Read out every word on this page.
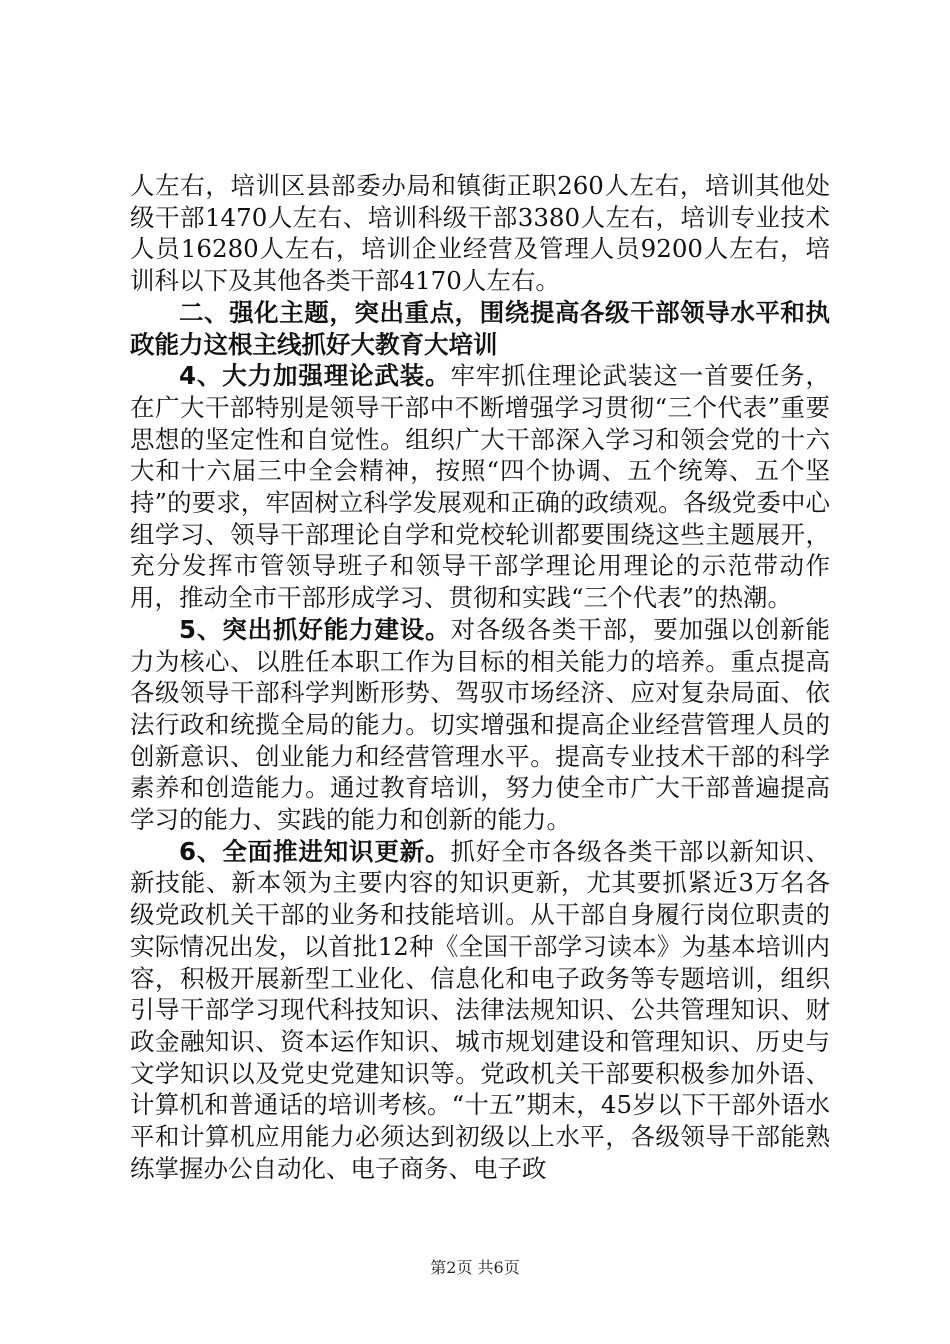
人左右，培训区县部委办局和镇街正职260人左右，培训其他处级干部1470人左右、培训科级干部3380人左右，培训专业技术人员16280人左右，培训企业经营及管理人员9200人左右，培训科以下及其他各类干部4170人左右。

二、强化主题，突出重点，围绕提高各级干部领导水平和执政能力这根主线抓好大教育大培训

4、大力加强理论武装。牢牢抓住理论武装这一首要任务，在广大干部特别是领导干部中不断增强学习贯彻“三个代表”重要思想的坚定性和自觉性。组织广大干部深入学习和领会党的十六大和十六届三中全会精神，按照“四个协调、五个统筹、五个坚持”的要求，牢固树立科学发展观和正确的政绩观。各级党委中心组学习、领导干部理论自学和党校轮训都要围绕这些主题展开，充分发挥市管领导班子和领导干部学理论用理论的示范带动作用，推动全市干部形成学习、贯彻和实践“三个代表”的热潮。

5、突出抓好能力建设。对各级各类干部，要加强以创新能力为核心、以胜任本职工作为目标的相关能力的培养。重点提高各级领导干部科学判断形势、驾驭市场经济、应对复杂局面、依法行政和统揽全局的能力。切实增强和提高企业经营管理人员的创新意识、创业能力和经营管理水平。提高专业技术干部的科学素养和创造能力。通过教育培训，努力使全市广大干部普遍提高学习的能力、实践的能力和创新的能力。

6、全面推进知识更新。抓好全市各级各类干部以新知识、新技能、新本领为主要内容的知识更新，尤其要抓紧近3万名各级党政机关干部的业务和技能培训。从干部自身履行岗位职责的实际情况出发，以首批12种《全国干部学习读本》为基本培训内容，积极开展新型工业化、信息化和电子政务等专题培训，组织引导干部学习现代科技知识、法律法规知识、公共管理知识、财政金融知识、资本运作知识、城市规划建设和管理知识、历史与文学知识以及党史党建知识等。党政机关干部要积极参加外语、计算机和普通话的培训考核。“十五”期末，45岁以下干部外语水平和计算机应用能力必须达到初级以上水平，各级领导干部能熟练掌握办公自动化、电子商务、电子政

第2页 共6页
